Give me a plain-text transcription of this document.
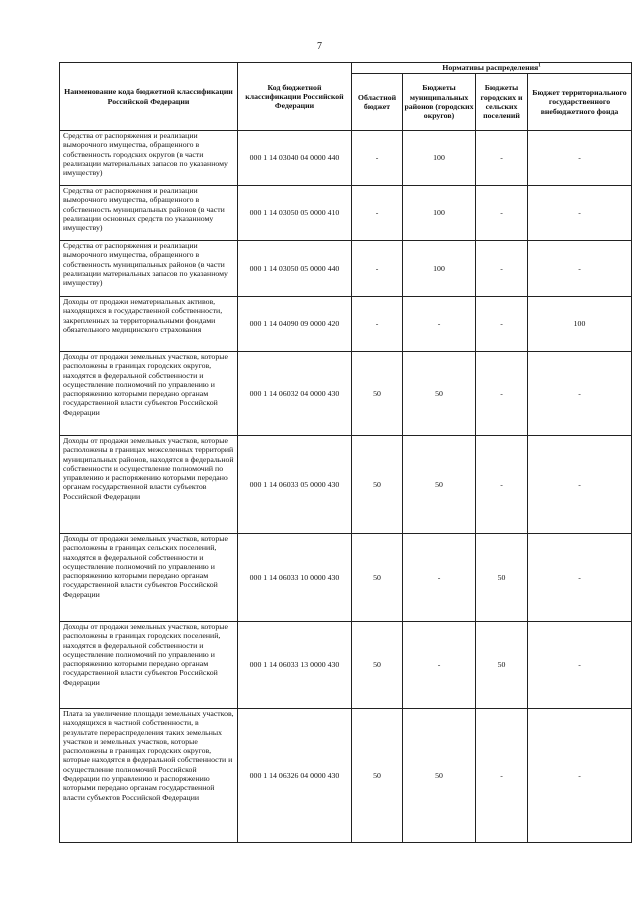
7
Наименование кода бюджетной классификации Российской Федерации	Код бюджетной классификации Российской Федерации	Нормативы распределения$^1$
		Областной бюджет	Бюджеты муниципальных районов (городских округов)	Бюджеты городских и сельских поселений	Бюджет территориального государственного внебюджетного фонда
Средства от распоряжения и реализации выморочного имущества, обращенного в собственность городских округов (в части реализации материальных запасов по указанному имуществу)	000 1 14 03040 04 0000 440	-	100	-	-
Средства от распоряжения и реализации выморочного имущества, обращенного в собственность муниципальных районов (в части реализации основных средств по указанному имуществу)	000 1 14 03050 05 0000 410	-	100	-	-
Средства от распоряжения и реализации выморочного имущества, обращенного в собственность муниципальных районов (в части реализации материальных запасов по указанному имуществу)	000 1 14 03050 05 0000 440	-	100	-	-
Доходы от продажи нематериальных активов, находящихся в государственной собственности, закрепленных за территориальными фондами обязательного медицинского страхования	000 1 14 04090 09 0000 420	-	-	-	100
Доходы от продажи земельных участков, которые расположены в границах городских округов, находятся в федеральной собственности и осуществление полномочий по управлению и распоряжению которыми передано органам государственной власти субъектов Российской Федерации	000 1 14 06032 04 0000 430	50	50	-	-
Доходы от продажи земельных участков, которые расположены в границах межселенных территорий муниципальных районов, находятся в федеральной собственности и осуществление полномочий по управлению и распоряжению которыми передано органам государственной власти субъектов Российской Федерации	000 1 14 06033 05 0000 430	50	50	-	-
Доходы от продажи земельных участков, которые расположены в границах сельских поселений, находятся в федеральной собственности и осуществление полномочий по управлению и распоряжению которыми передано органам государственной власти субъектов Российской Федерации	000 1 14 06033 10 0000 430	50	-	50	-
Доходы от продажи земельных участков, которые расположены в границах городских поселений, находятся в федеральной собственности и осуществление полномочий по управлению и распоряжению которыми передано органам государственной власти субъектов Российской Федерации	000 1 14 06033 13 0000 430	50	-	50	-
Плата за увеличение площади земельных участков, находящихся в частной собственности, в результате перераспределения таких земельных участков и земельных участков, которые расположены в границах городских округов, которые находятся в федеральной собственности и осуществление полномочий Российской Федерации по управлению и распоряжению которыми передано органам государственной власти субъектов Российской Федерации	000 1 14 06326 04 0000 430	50	50	-	-
